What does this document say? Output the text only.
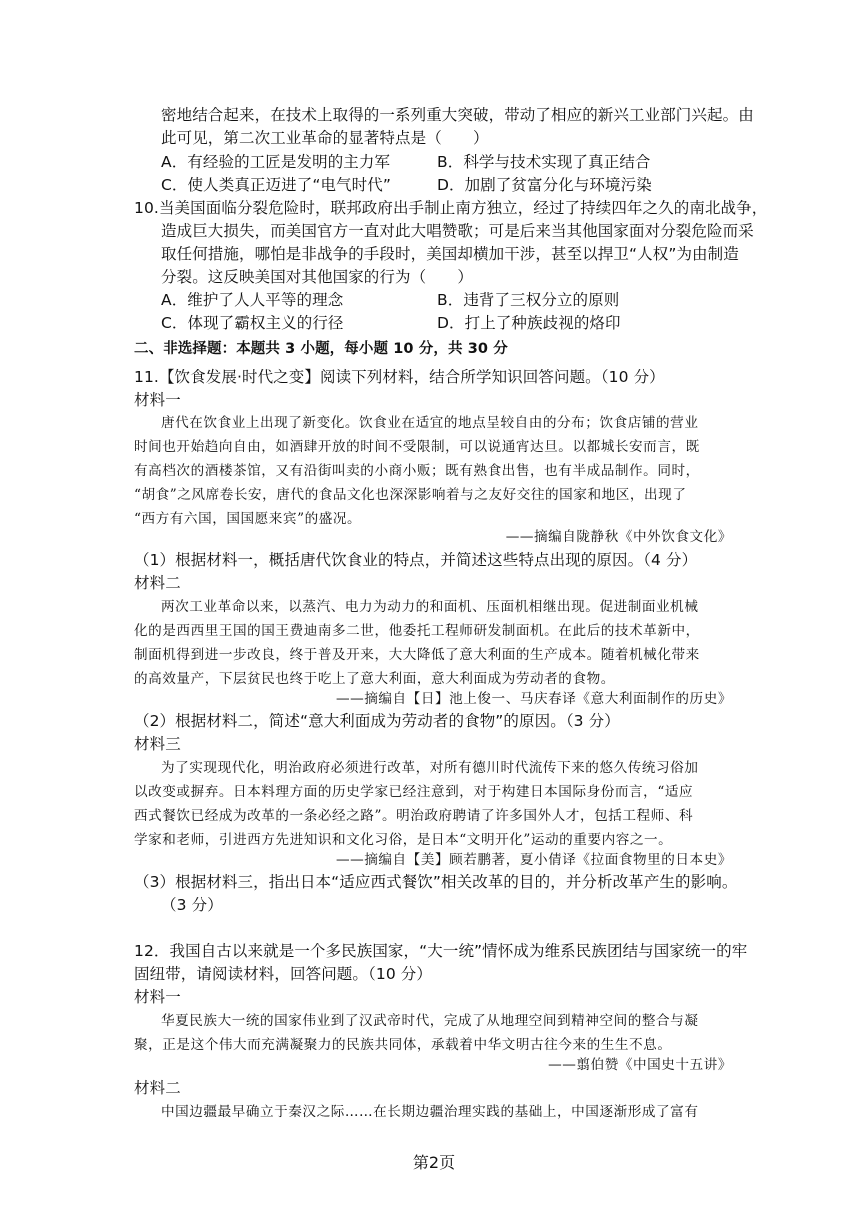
密地结合起来，在技术上取得的一系列重大突破，带动了相应的新兴工业部门兴起。由
此可见，第二次工业革命的显著特点是（　　）
A．有经验的工匠是发明的主力军	B．科学与技术实现了真正结合
C．使人类真正迈进了“电气时代”	D．加剧了贫富分化与环境污染
10.当美国面临分裂危险时，联邦政府出手制止南方独立，经过了持续四年之久的南北战争，
造成巨大损失，而美国官方一直对此大唱赞歌；可是后来当其他国家面对分裂危险而采
取任何措施，哪怕是非战争的手段时，美国却横加干涉，甚至以捍卫“人权”为由制造
分裂。这反映美国对其他国家的行为（　　）
A．维护了人人平等的理念	B．违背了三权分立的原则
C．体现了霸权主义的行径	D．打上了种族歧视的烙印
二、非选择题：本题共 3 小题，每小题 10 分，共 30 分
11.【饮食发展·时代之变】阅读下列材料，结合所学知识回答问题。（10 分）
材料一
唐代在饮食业上出现了新变化。饮食业在适宜的地点呈较自由的分布；饮食店铺的营业
时间也开始趋向自由，如酒肆开放的时间不受限制，可以说通宵达旦。以都城长安而言，既
有高档次的酒楼茶馆，又有沿街叫卖的小商小贩；既有熟食出售，也有半成品制作。同时，
“胡食”之风席卷长安，唐代的食品文化也深深影响着与之友好交往的国家和地区，出现了
“西方有六国，国国愿来宾”的盛况。
——摘编自陇静秋《中外饮食文化》
（1）根据材料一，概括唐代饮食业的特点，并简述这些特点出现的原因。（4 分）
材料二
两次工业革命以来，以蒸汽、电力为动力的和面机、压面机相继出现。促进制面业机械
化的是西西里王国的国王费迪南多二世，他委托工程师研发制面机。在此后的技术革新中，
制面机得到进一步改良，终于普及开来，大大降低了意大利面的生产成本。随着机械化带来
的高效量产，下层贫民也终于吃上了意大利面，意大利面成为劳动者的食物。
——摘编自【日】池上俊一、马庆春译《意大利面制作的历史》
（2）根据材料二，简述“意大利面成为劳动者的食物”的原因。（3 分）
材料三
为了实现现代化，明治政府必须进行改革，对所有德川时代流传下来的悠久传统习俗加
以改变或摒弃。日本料理方面的历史学家已经注意到，对于构建日本国际身份而言，“适应
西式餐饮已经成为改革的一条必经之路”。明治政府聘请了许多国外人才，包括工程师、科
学家和老师，引进西方先进知识和文化习俗，是日本“文明开化”运动的重要内容之一。
——摘编自【美】顾若鹏著，夏小倩译《拉面食物里的日本史》
（3）根据材料三，指出日本“适应西式餐饮”相关改革的目的，并分析改革产生的影响。
（3 分）
12．我国自古以来就是一个多民族国家，“大一统”情怀成为维系民族团结与国家统一的牢
固纽带，请阅读材料，回答问题。（10 分）
材料一
华夏民族大一统的国家伟业到了汉武帝时代，完成了从地理空间到精神空间的整合与凝
聚，正是这个伟大而充满凝聚力的民族共同体，承载着中华文明古往今来的生生不息。
——翦伯赞《中国史十五讲》
材料二
中国边疆最早确立于秦汉之际……在长期边疆治理实践的基础上，中国逐渐形成了富有
第2页
